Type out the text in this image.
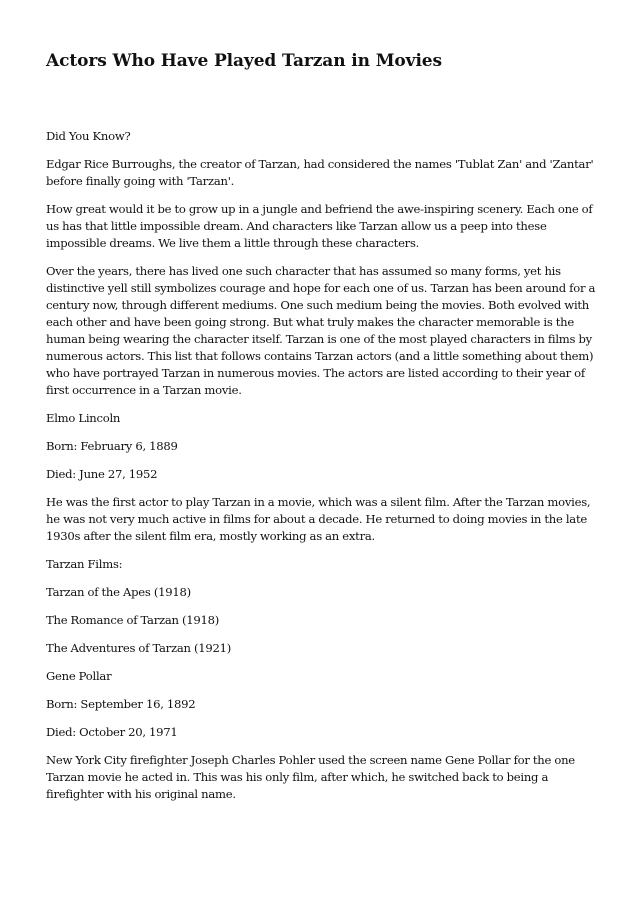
Actors Who Have Played Tarzan in Movies

Did You Know?

Edgar Rice Burroughs, the creator of Tarzan, had considered the names 'Tublat Zan' and 'Zantar' before finally going with 'Tarzan'.

How great would it be to grow up in a jungle and befriend the awe-inspiring scenery. Each one of us has that little impossible dream. And characters like Tarzan allow us a peep into these impossible dreams. We live them a little through these characters.

Over the years, there has lived one such character that has assumed so many forms, yet his distinctive yell still symbolizes courage and hope for each one of us. Tarzan has been around for a century now, through different mediums. One such medium being the movies. Both evolved with each other and have been going strong. But what truly makes the character memorable is the human being wearing the character itself. Tarzan is one of the most played characters in films by numerous actors. This list that follows contains Tarzan actors (and a little something about them) who have portrayed Tarzan in numerous movies. The actors are listed according to their year of first occurrence in a Tarzan movie.

Elmo Lincoln

Born: February 6, 1889

Died: June 27, 1952

He was the first actor to play Tarzan in a movie, which was a silent film. After the Tarzan movies, he was not very much active in films for about a decade. He returned to doing movies in the late 1930s after the silent film era, mostly working as an extra.

Tarzan Films:

Tarzan of the Apes (1918)

The Romance of Tarzan (1918)

The Adventures of Tarzan (1921)

Gene Pollar

Born: September 16, 1892

Died: October 20, 1971

New York City firefighter Joseph Charles Pohler used the screen name Gene Pollar for the one Tarzan movie he acted in. This was his only film, after which, he switched back to being a firefighter with his original name.
